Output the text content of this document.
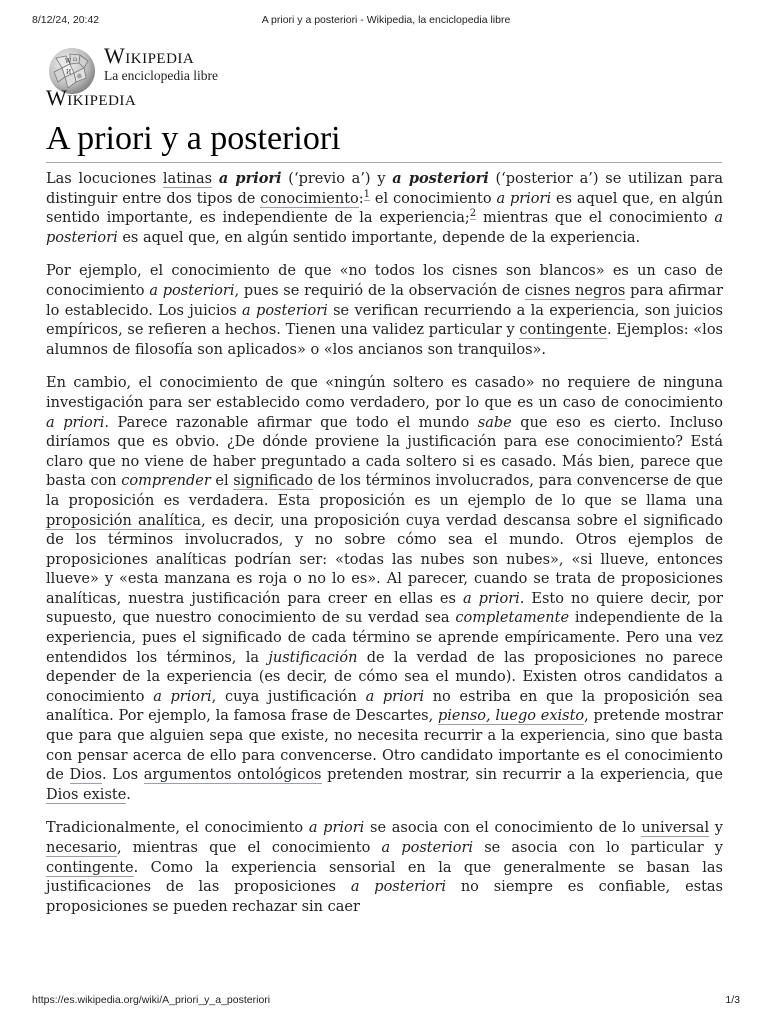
8/12/24, 20:42	A priori y a posteriori - Wikipedia, la enciclopedia libre
W Ω
И
維
Wikipedia
La enciclopedia libre
Wikipedia
A priori y a posteriori

Las locuciones latinas a priori (‘previo a’) y a posteriori (‘posterior a’) se utilizan para distinguir entre dos tipos de conocimiento:$^1$ el conocimiento a priori es aquel que, en algún sentido importante, es independiente de la experiencia;$^2$ mientras que el conocimiento a posteriori es aquel que, en algún sentido importante, depende de la experiencia.

Por ejemplo, el conocimiento de que «no todos los cisnes son blancos» es un caso de conocimiento a posteriori, pues se requirió de la observación de cisnes negros para afirmar lo establecido. Los juicios a posteriori se verifican recurriendo a la experiencia, son juicios empíricos, se refieren a hechos. Tienen una validez particular y contingente. Ejemplos: «los alumnos de filosofía son aplicados» o «los ancianos son tranquilos».

En cambio, el conocimiento de que «ningún soltero es casado» no requiere de ninguna investigación para ser establecido como verdadero, por lo que es un caso de conocimiento a priori. Parece razonable afirmar que todo el mundo sabe que eso es cierto. Incluso diríamos que es obvio. ¿De dónde proviene la justificación para ese conocimiento? Está claro que no viene de haber preguntado a cada soltero si es casado. Más bien, parece que basta con comprender el significado de los términos involucrados, para convencerse de que la proposición es verdadera. Esta proposición es un ejemplo de lo que se llama una proposición analítica, es decir, una proposición cuya verdad descansa sobre el significado de los términos involucrados, y no sobre cómo sea el mundo. Otros ejemplos de proposiciones analíticas podrían ser: «todas las nubes son nubes», «si llueve, entonces llueve» y «esta manzana es roja o no lo es». Al parecer, cuando se trata de proposiciones analíticas, nuestra justificación para creer en ellas es a priori. Esto no quiere decir, por supuesto, que nuestro conocimiento de su verdad sea completamente independiente de la experiencia, pues el significado de cada término se aprende empíricamente. Pero una vez entendidos los términos, la justificación de la verdad de las proposiciones no parece depender de la experiencia (es decir, de cómo sea el mundo). Existen otros candidatos a conocimiento a priori, cuya justificación a priori no estriba en que la proposición sea analítica. Por ejemplo, la famosa frase de Descartes, pienso, luego existo, pretende mostrar que para que alguien sepa que existe, no necesita recurrir a la experiencia, sino que basta con pensar acerca de ello para convencerse. Otro candidato importante es el conocimiento de Dios. Los argumentos ontológicos pretenden mostrar, sin recurrir a la experiencia, que Dios existe.

Tradicionalmente, el conocimiento a priori se asocia con el conocimiento de lo universal y necesario, mientras que el conocimiento a posteriori se asocia con lo particular y contingente. Como la experiencia sensorial en la que generalmente se basan las justificaciones de las proposiciones a posteriori no siempre es confiable, estas proposiciones se pueden rechazar sin caer

https://es.wikipedia.org/wiki/A_priori_y_a_posteriori	1/3
